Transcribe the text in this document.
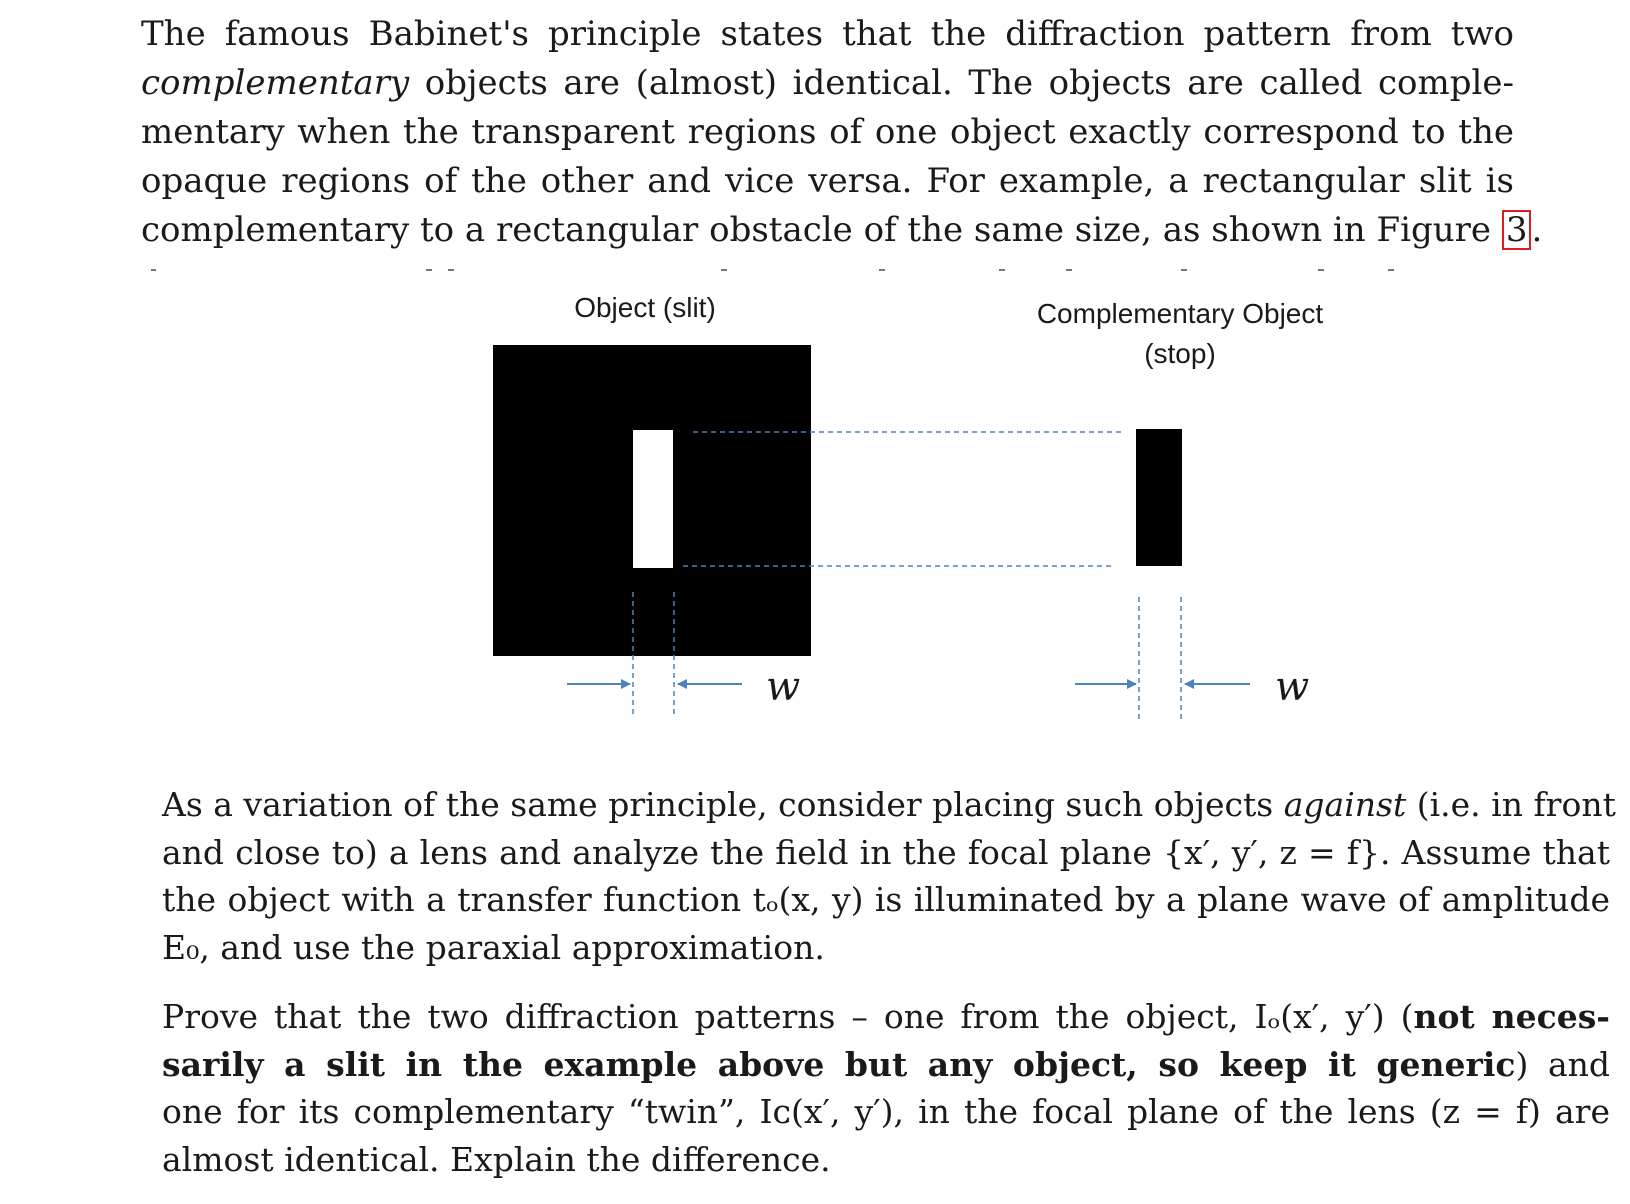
The famous Babinet's principle states that the diffraction pattern from two
complementary objects are (almost) identical. The objects are called comple-
mentary when the transparent regions of one object exactly correspond to the
opaque regions of the other and vice versa. For example, a rectangular slit is
complementary to a rectangular obstacle of the same size, as shown in Figure 3 .
Object (slit)	Complementary Object
(stop)
w	w
As a variation of the same principle, consider placing such objects against (i.e. in front
and close to) a lens and analyze the field in the focal plane {x′, y′, z = f}. Assume that
the object with a transfer function tₒ(x, y) is illuminated by a plane wave of amplitude
E₀, and use the paraxial approximation.
Prove that the two diffraction patterns – one from the object, Iₒ(x′, y′) (not neces-
sarily a slit in the example above but any object, so keep it generic) and
one for its complementary “twin”, Iᴄ(x′, y′), in the focal plane of the lens (z = f) are
almost identical. Explain the difference.
